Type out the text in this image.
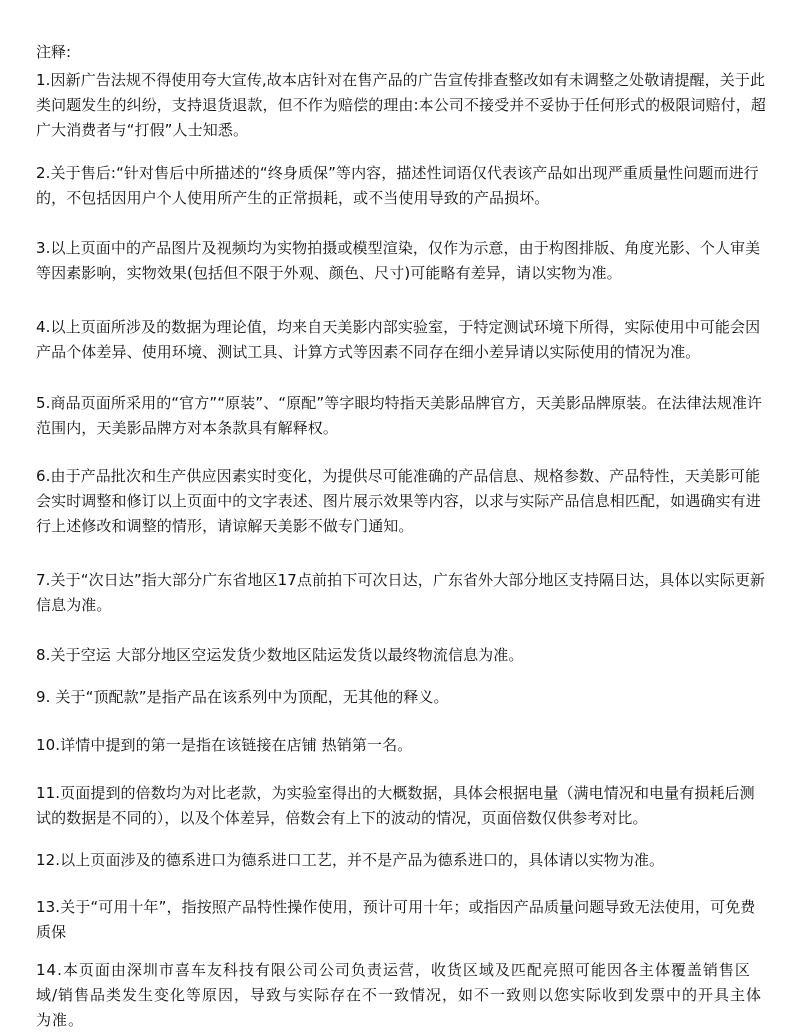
注释:

1.因新广告法规不得使用夸大宣传,故本店针对在售产品的广告宣传排查整改如有未调整之处敬请提醒，关于此类问题发生的纠纷，支持退货退款，但不作为赔偿的理由:本公司不接受并不妥协于任何形式的极限词赔付，超广大消费者与“打假”人士知悉。

2.关于售后:“针对售后中所描述的“终身质保”等内容，描述性词语仅代表该产品如出现严重质量性问题而进行的，不包括因用户个人使用所产生的正常损耗，或不当使用导致的产品损坏。

3.以上页面中的产品图片及视频均为实物拍摄或模型渲染，仅作为示意，由于构图排版、角度光影、个人审美等因素影响，实物效果(包括但不限于外观、颜色、尺寸)可能略有差异，请以实物为准。

4.以上页面所涉及的数据为理论值，均来自天美影内部实验室，于特定测试环境下所得，实际使用中可能会因产品个体差异、使用环境、测试工具、计算方式等因素不同存在细小差异请以实际使用的情况为准。

5.商品页面所采用的“官方”“原装”、“原配”等字眼均特指天美影品牌官方，天美影品牌原装。在法律法规准许范围内，天美影品牌方对本条款具有解释权。

6.由于产品批次和生产供应因素实时变化，为提供尽可能准确的产品信息、规格参数、产品特性，天美影可能会实时调整和修订以上页面中的文字表述、图片展示效果等内容，以求与实际产品信息相匹配，如遇确实有进行上述修改和调整的情形，请谅解天美影不做专门通知。

7.关于“次日达”指大部分广东省地区17点前拍下可次日达，广东省外大部分地区支持隔日达，具体以实际更新信息为准。

8.关于空运 大部分地区空运发货少数地区陆运发货以最终物流信息为准。

9. 关于“顶配款”是指产品在该系列中为顶配，无其他的释义。

10.详情中提到的第一是指在该链接在店铺 热销第一名。

11.页面提到的倍数均为对比老款，为实验室得出的大概数据，具体会根据电量（满电情况和电量有损耗后测试的数据是不同的），以及个体差异，倍数会有上下的波动的情况，页面倍数仅供参考对比。

12.以上页面涉及的德系进口为德系进口工艺，并不是产品为德系进口的，具体请以实物为准。

13.关于“可用十年”，指按照产品特性操作使用，预计可用十年；或指因产品质量问题导致无法使用，可免费质保

14.本页面由深圳市喜车友科技有限公司公司负责运营，收货区域及匹配亮照可能因各主体覆盖销售区域/销售品类发生变化等原因，导致与实际存在不一致情况，如不一致则以您实际收到发票中的开具主体为准。
